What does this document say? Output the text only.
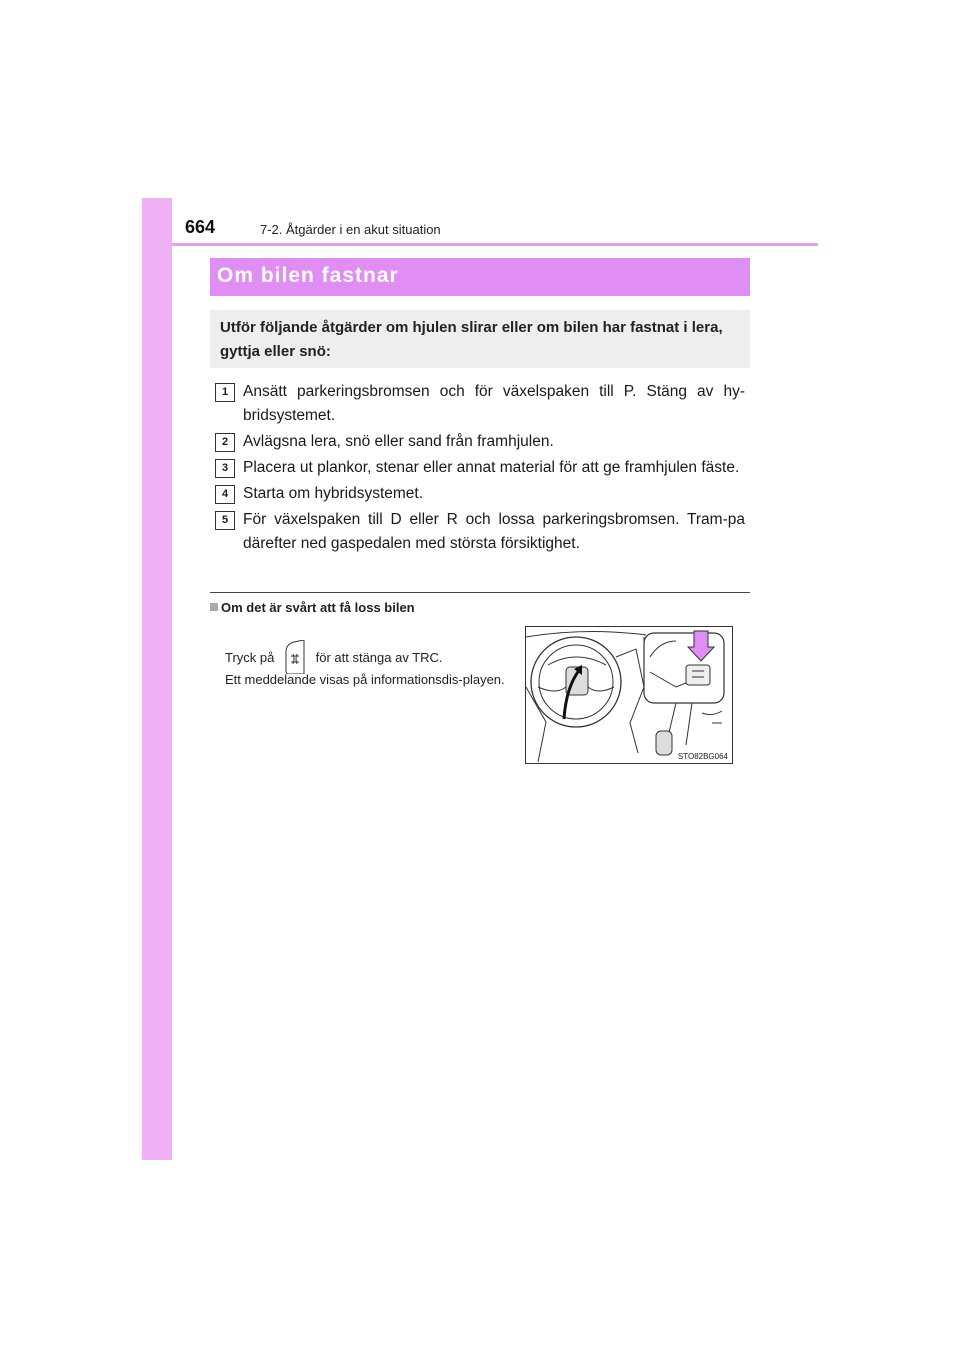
664	7-2. Åtgärder i en akut situation
Om bilen fastnar
Utför följande åtgärder om hjulen slirar eller om bilen har fastnat i lera, gyttja eller snö:
1 Ansätt parkeringsbromsen och för växelspaken till P. Stäng av hy-bridsystemet.
2 Avlägsna lera, snö eller sand från framhjulen.
3 Placera ut plankor, stenar eller annat material för att ge framhjulen fäste.
4 Starta om hybridsystemet.
5 För växelspaken till D eller R och lossa parkeringsbromsen. Tram-pa därefter ned gaspedalen med största försiktighet.
Om det är svårt att få loss bilen
Tryck på	för att stänga av TRC.
Ett meddelande visas på informationsdis-playen.
STO82BG064
